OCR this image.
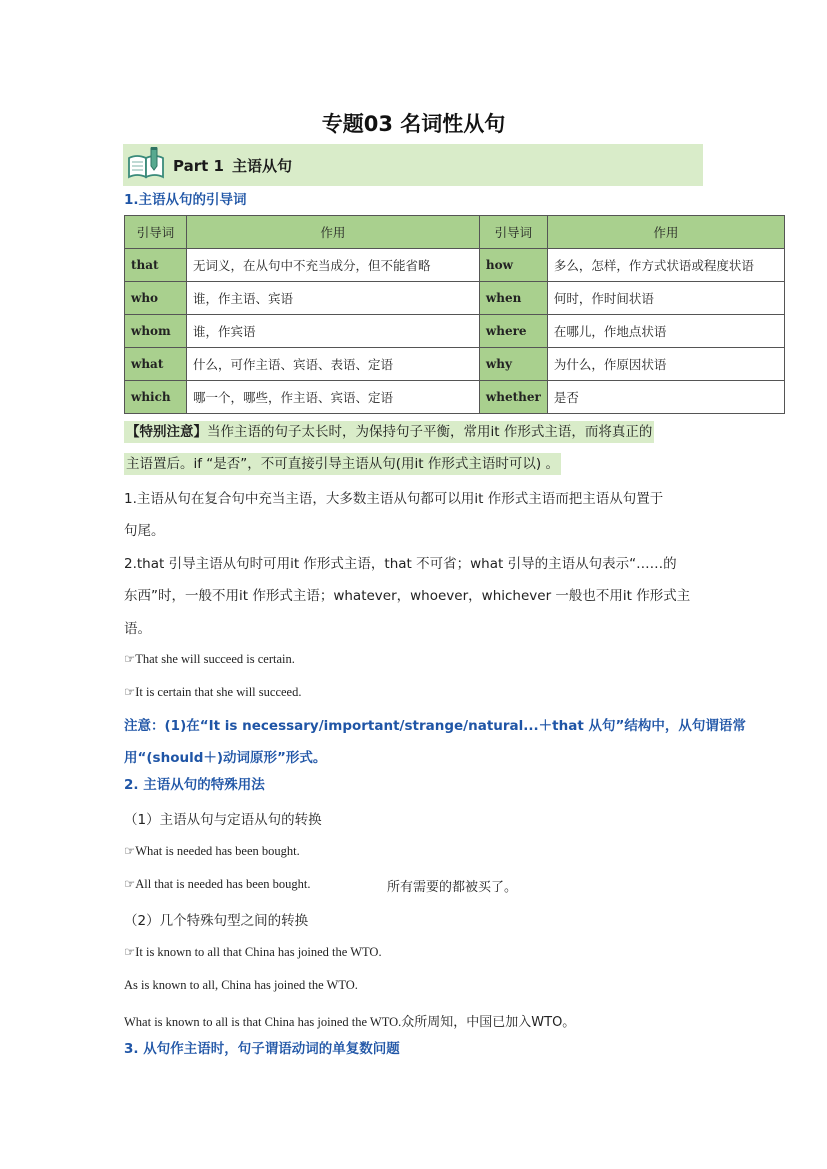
专题03 名词性从句
Part 1 主语从句
1.主语从句的引导词
引导词	作用	引导词	作用
that	无词义，在从句中不充当成分，但不能省略	how	多么，怎样，作方式状语或程度状语
who	谁，作主语、宾语	when	何时，作时间状语
whom	谁，作宾语	where	在哪儿，作地点状语
what	什么，可作主语、宾语、表语、定语	why	为什么，作原因状语
which	哪一个，哪些，作主语、宾语、定语	whether	是否
【特别注意】当作主语的句子太长时，为保持句子平衡，常用it 作形式主语，而将真正的
主语置后。if “是否”，不可直接引导主语从句(用it 作形式主语时可以) 。
1.主语从句在复合句中充当主语，大多数主语从句都可以用it 作形式主语而把主语从句置于
句尾。
2.that 引导主语从句时可用it 作形式主语，that 不可省；what 引导的主语从句表示“……的
东西”时，一般不用it 作形式主语；whatever，whoever，whichever 一般也不用it 作形式主
语。
☞That she will succeed is certain.
☞It is certain that she will succeed.
注意：(1)在“It is necessary/important/strange/natural...＋that 从句”结构中，从句谓语常
用“(should＋)动词原形”形式。
2. 主语从句的特殊用法
（1）主语从句与定语从句的转换
☞What is needed has been bought.
☞All that is needed has been bought.	所有需要的都被买了。
（2）几个特殊句型之间的转换
☞It is known to all that China has joined the WTO.
As is known to all, China has joined the WTO.
What is known to all is that China has joined the WTO.众所周知，中国已加入WTO。
3. 从句作主语时，句子谓语动词的单复数问题
